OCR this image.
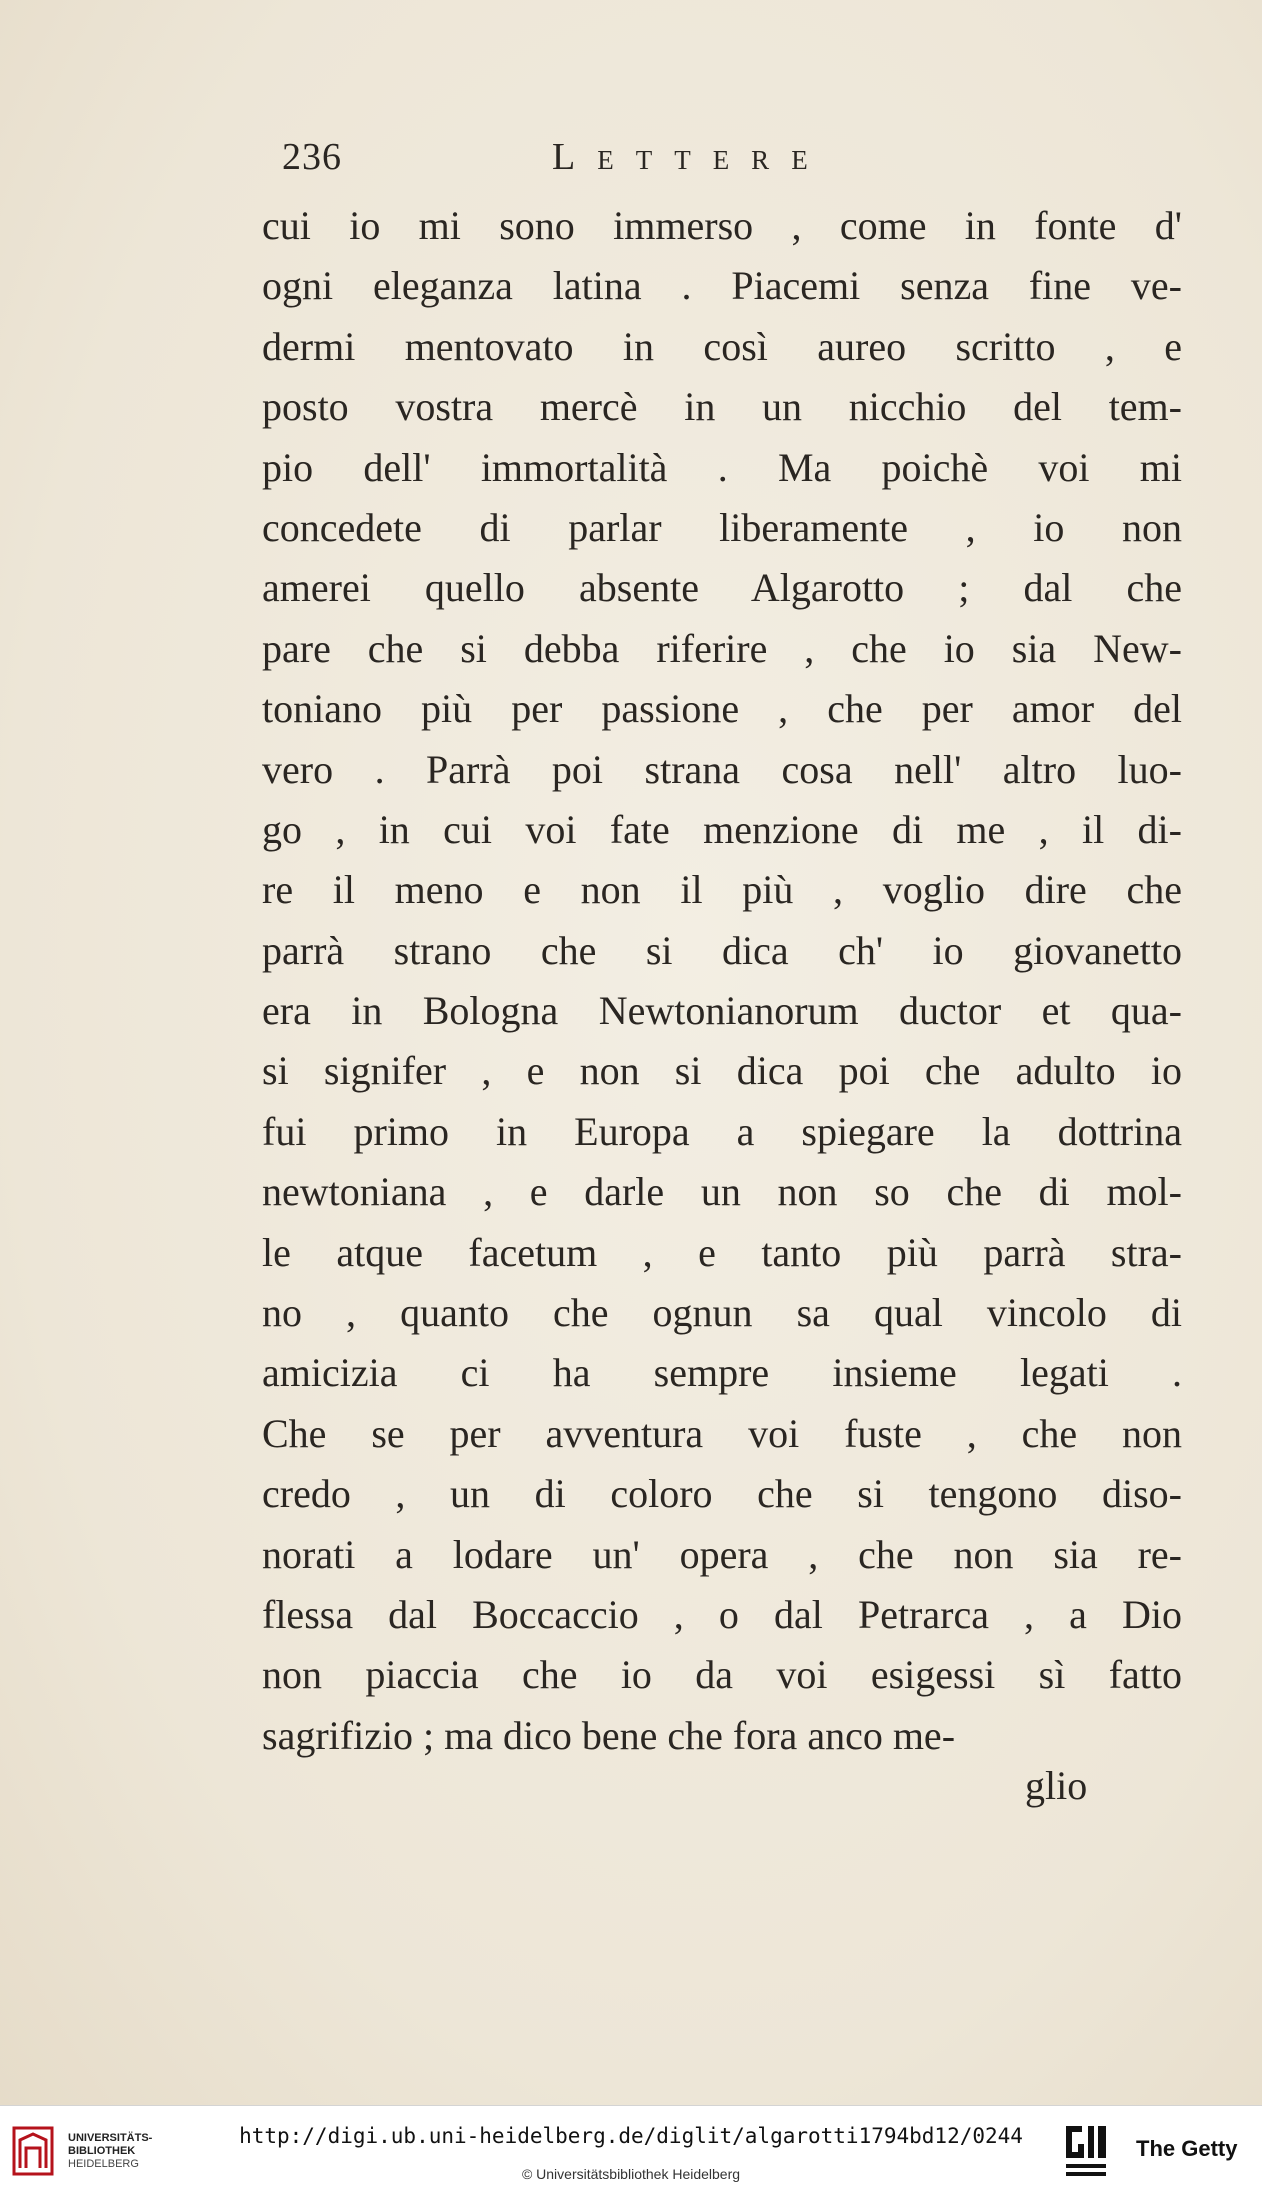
236	Lettere
cui io mi sono immerso , come in fonte d'
ogni eleganza latina . Piacemi senza fine ve-
dermi mentovato in così aureo scritto , e
posto vostra mercè in un nicchio del tem-
pio dell' immortalità . Ma poichè voi mi
concedete di parlar liberamente , io non
amerei quello absente Algarotto ; dal che
pare che si debba riferire , che io sia New-
toniano più per passione , che per amor del
vero . Parrà poi strana cosa nell' altro luo-
go , in cui voi fate menzione di me , il di-
re il meno e non il più , voglio dire che
parrà strano che si dica ch' io giovanetto
era in Bologna Newtonianorum ductor et qua-
si signifer , e non si dica poi che adulto io
fui primo in Europa a spiegare la dottrina
newtoniana , e darle un non so che di mol-
le atque facetum , e tanto più parrà stra-
no , quanto che ognun sa qual vincolo di
amicizia ci ha sempre insieme legati .
Che se per avventura voi fuste , che non
credo , un di coloro che si tengono diso-
norati a lodare un' opera , che non sia re-
flessa dal Boccaccio , o dal Petrarca , a Dio
non piaccia che io da voi esigessi sì fatto
sagrifizio ; ma dico bene che fora anco me-
glio
UNIVERSITÄTS-
BIBLIOTHEK
HEIDELBERG
http://digi.ub.uni-heidelberg.de/diglit/algarotti1794bd12/0244
© Universitätsbibliothek Heidelberg
The Getty
